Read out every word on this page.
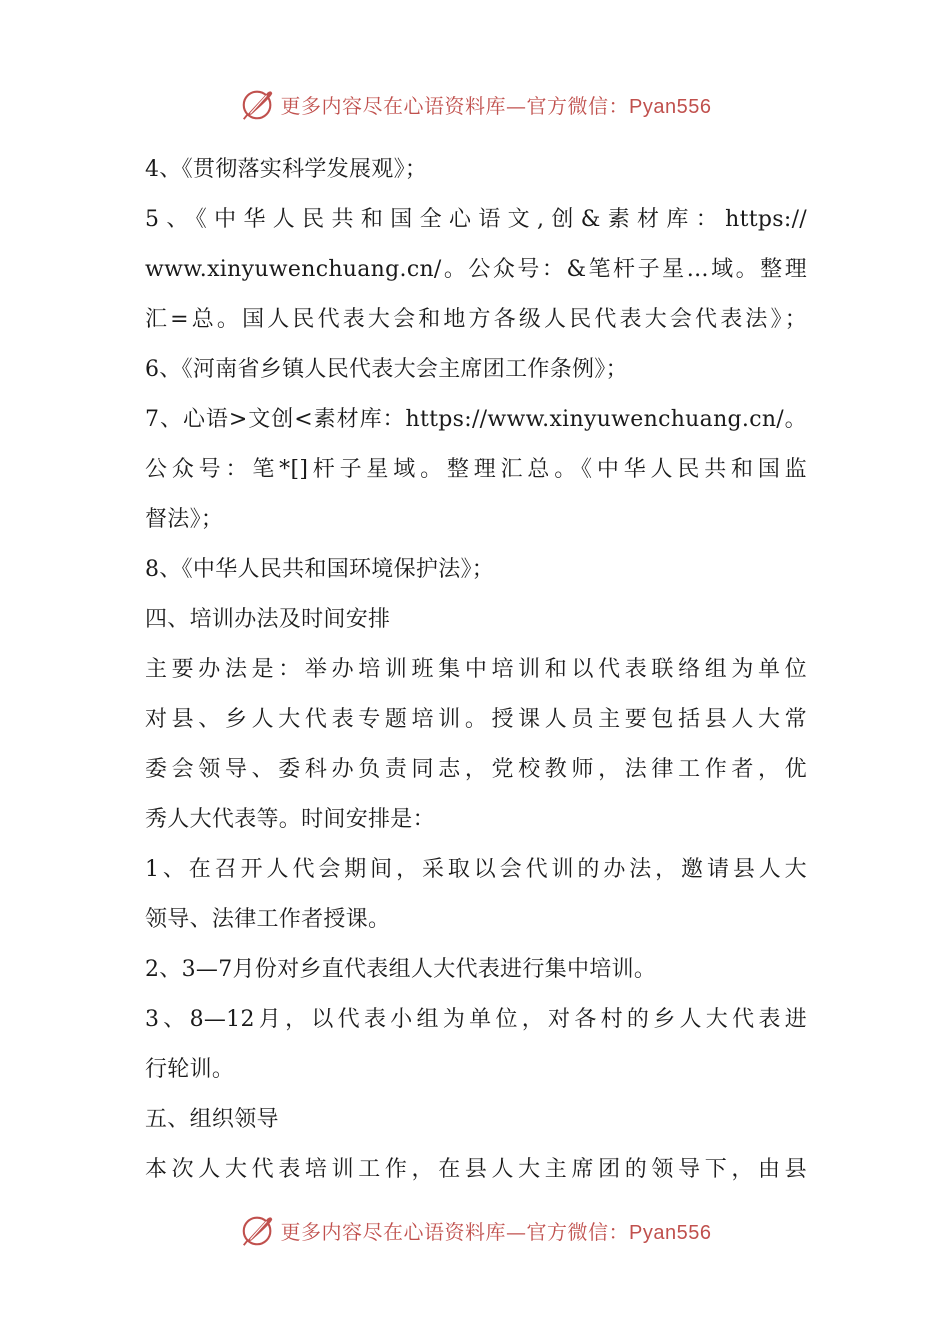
更多内容尽在心语资料库—官方微信：Pyan556
4、《贯彻落实科学发展观》；
5、《中华人民共和国全心语文,创&素材库：https://
www.xinyuwenchuang.cn/。公众号：&笔杆子星…域。整理
汇=总。国人民代表大会和地方各级人民代表大会代表法》；
6、《河南省乡镇人民代表大会主席团工作条例》；
7、心语>文创<素材库：https://www.xinyuwenchuang.cn/。
公众号：笔*[]杆子星域。整理汇总。《中华人民共和国监
督法》；
8、《中华人民共和国环境保护法》；
四、培训办法及时间安排
主要办法是：举办培训班集中培训和以代表联络组为单位
对县、乡人大代表专题培训。授课人员主要包括县人大常
委会领导、委科办负责同志，党校教师，法律工作者，优
秀人大代表等。时间安排是：
1、在召开人代会期间，采取以会代训的办法，邀请县人大
领导、法律工作者授课。
2、3—7月份对乡直代表组人大代表进行集中培训。
3、8—12月，以代表小组为单位，对各村的乡人大代表进
行轮训。
五、组织领导
本次人大代表培训工作，在县人大主席团的领导下，由县
更多内容尽在心语资料库—官方微信：Pyan556
